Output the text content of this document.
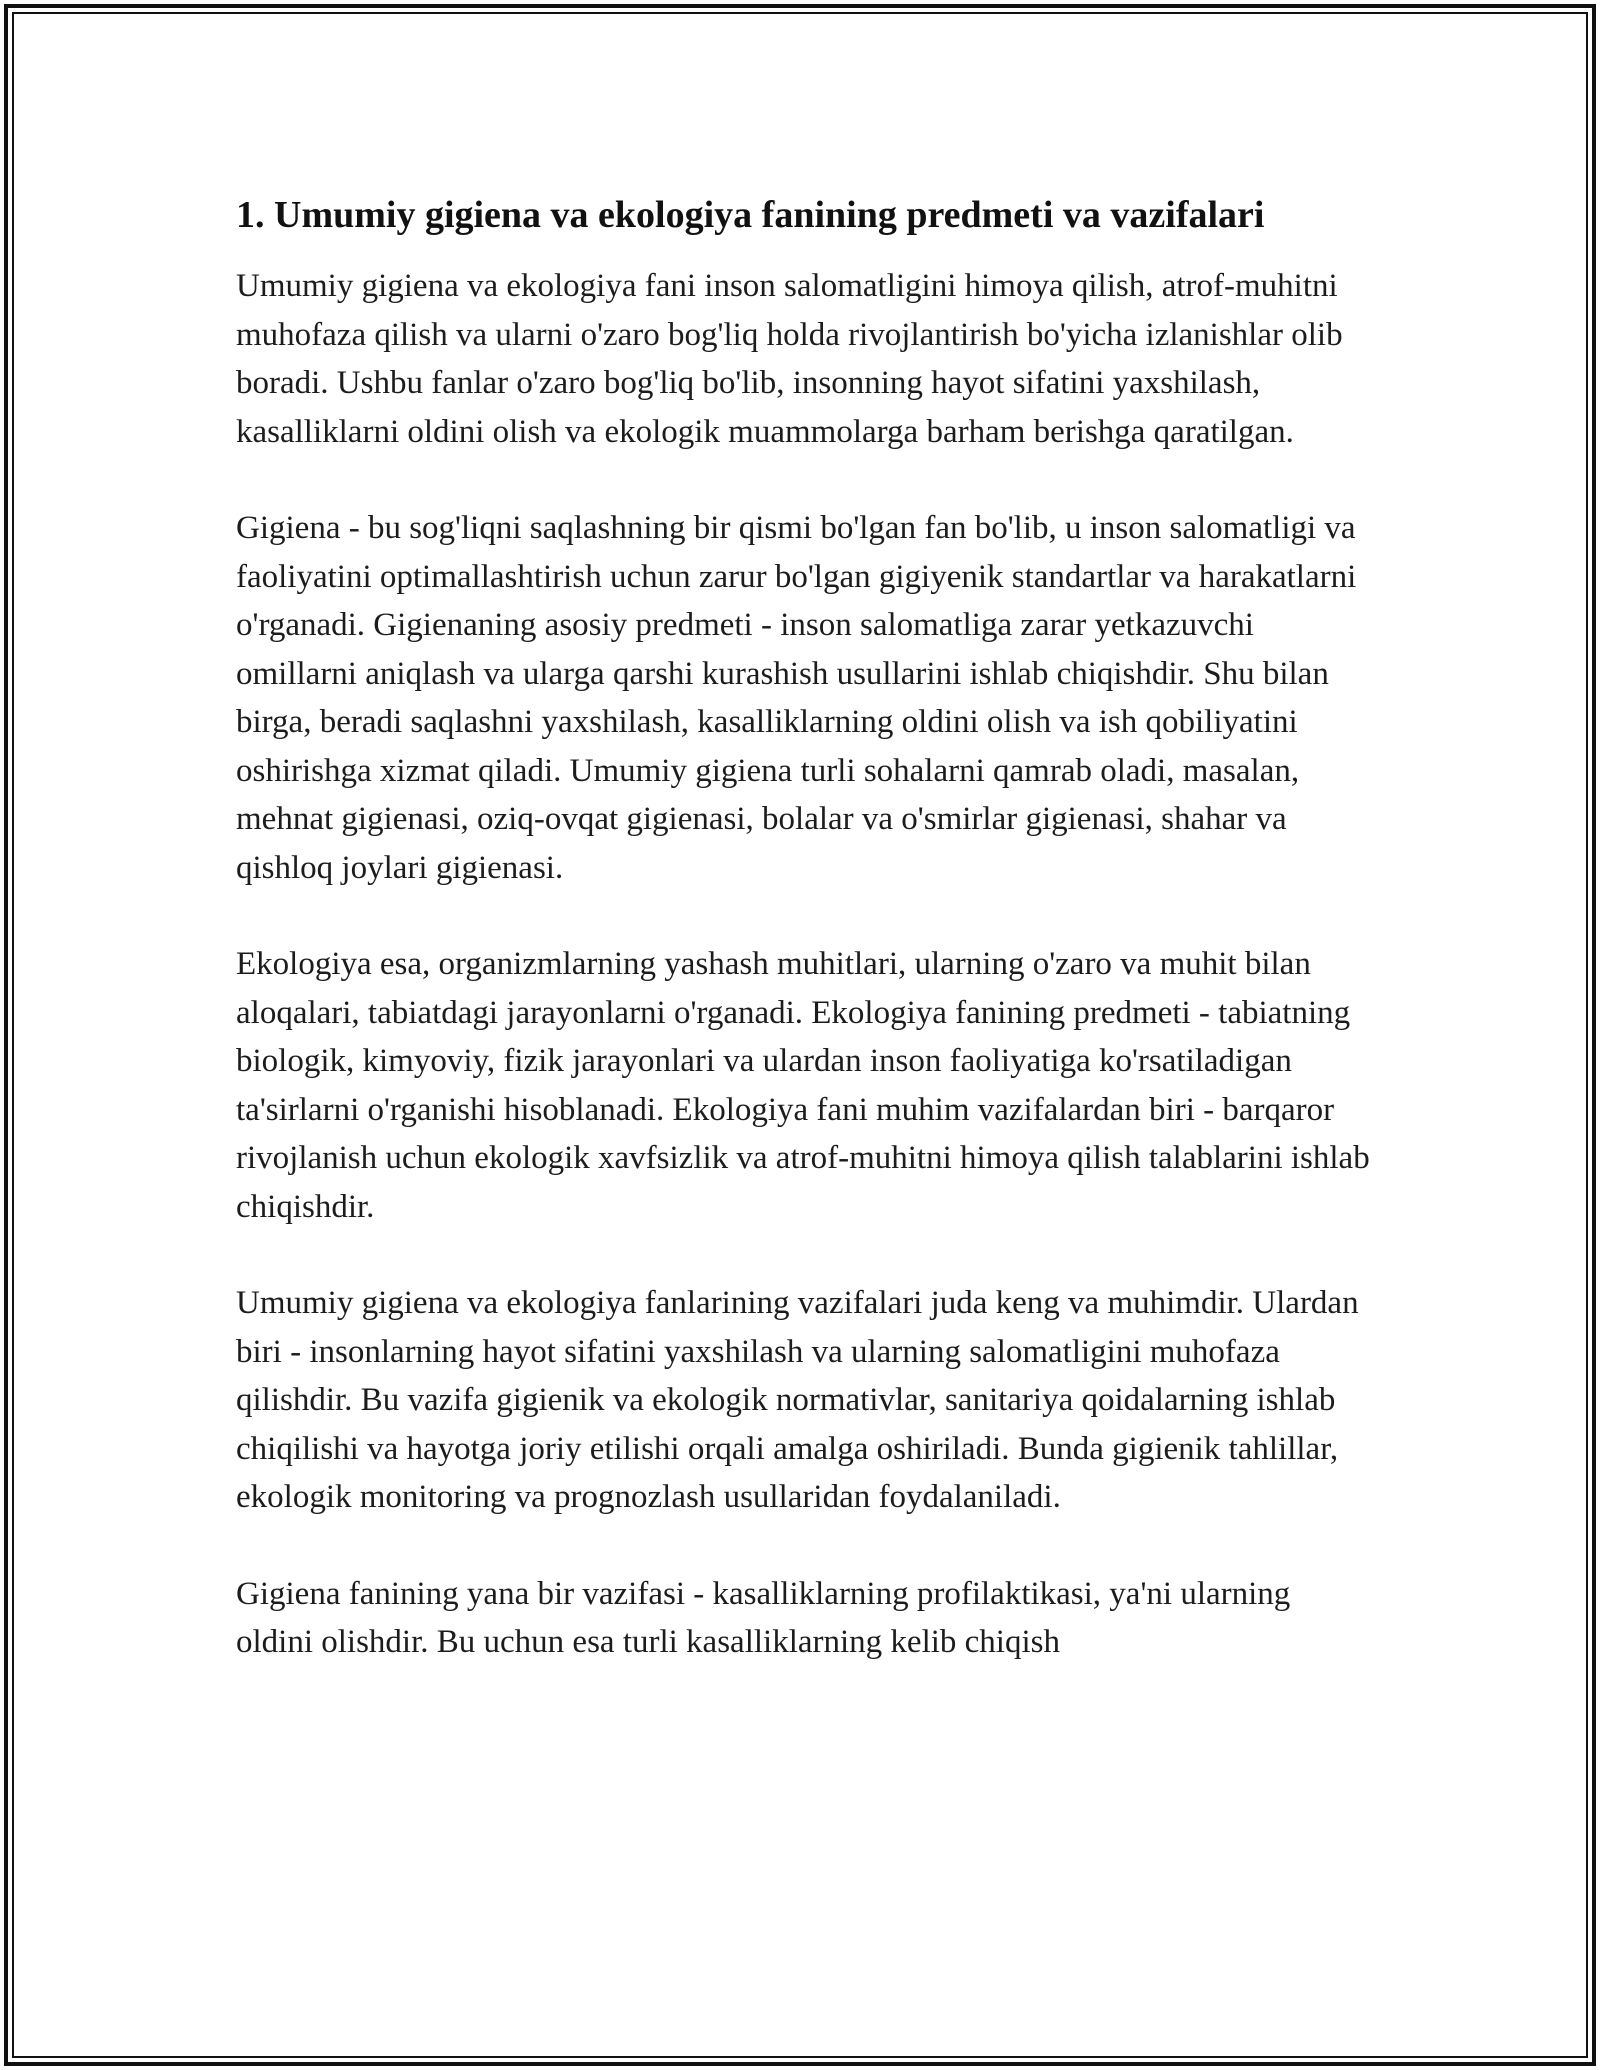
1. Umumiy gigiena va ekologiya fanining predmeti va vazifalari

Umumiy gigiena va ekologiya fani inson salomatligini himoya qilish, atrof-muhitni muhofaza qilish va ularni o'zaro bog'liq holda rivojlantirish bo'yicha izlanishlar olib boradi. Ushbu fanlar o'zaro bog'liq bo'lib, insonning hayot sifatini yaxshilash, kasalliklarni oldini olish va ekologik muammolarga barham berishga qaratilgan.

Gigiena - bu sog'liqni saqlashning bir qismi bo'lgan fan bo'lib, u inson salomatligi va faoliyatini optimallashtirish uchun zarur bo'lgan gigiyenik standartlar va harakatlarni o'rganadi. Gigienaning asosiy predmeti - inson salomatliga zarar yetkazuvchi omillarni aniqlash va ularga qarshi kurashish usullarini ishlab chiqishdir. Shu bilan birga, beradi saqlashni yaxshilash, kasalliklarning oldini olish va ish qobiliyatini oshirishga xizmat qiladi. Umumiy gigiena turli sohalarni qamrab oladi, masalan, mehnat gigienasi, oziq-ovqat gigienasi, bolalar va o'smirlar gigienasi, shahar va qishloq joylari gigienasi.

Ekologiya esa, organizmlarning yashash muhitlari, ularning o'zaro va muhit bilan aloqalari, tabiatdagi jarayonlarni o'rganadi. Ekologiya fanining predmeti - tabiatning biologik, kimyoviy, fizik jarayonlari va ulardan inson faoliyatiga ko'rsatiladigan ta'sirlarni o'rganishi hisoblanadi. Ekologiya fani muhim vazifalardan biri - barqaror rivojlanish uchun ekologik xavfsizlik va atrof-muhitni himoya qilish talablarini ishlab chiqishdir.

Umumiy gigiena va ekologiya fanlarining vazifalari juda keng va muhimdir. Ulardan biri - insonlarning hayot sifatini yaxshilash va ularning salomatligini muhofaza qilishdir. Bu vazifa gigienik va ekologik normativlar, sanitariya qoidalarning ishlab chiqilishi va hayotga joriy etilishi orqali amalga oshiriladi. Bunda gigienik tahlillar, ekologik monitoring va prognozlash usullaridan foydalaniladi.

Gigiena fanining yana bir vazifasi - kasalliklarning profilaktikasi, ya'ni ularning oldini olishdir. Bu uchun esa turli kasalliklarning kelib chiqish
